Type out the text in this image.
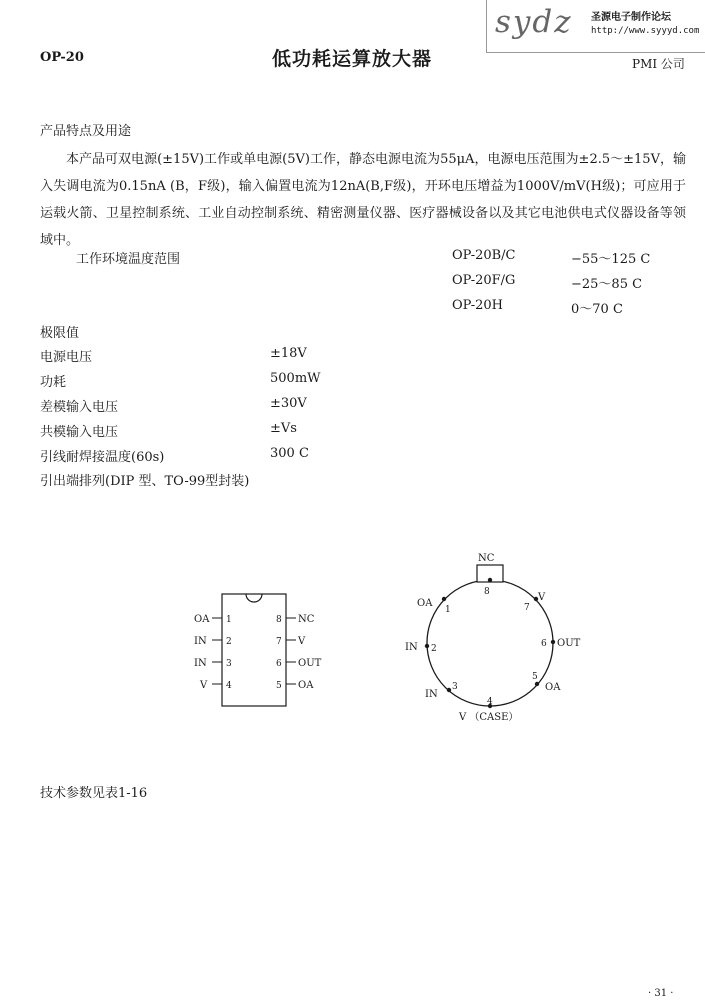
sydz 圣源电子制作论坛
http://www.syyyd.com
OP-20	低功耗运算放大器	PMI 公司
产品特点及用途
本产品可双电源(±15V)工作或单电源(5V)工作，静态电源电流为55μA，电源电压范围为±2.5～±15V，输入失调电流为0.15nA (B，F级)，输入偏置电流为12nA(B,F级)，开环电压增益为1000V/mV(H级)；可应用于运载火箭、卫星控制系统、工业自动控制系统、精密测量仪器、医疗器械设备以及其它电池供电式仪器设备等领域中。
工作环境温度范围	OP-20B/C	−55～125 C
OP-20F/G	−25～85 C
OP-20H	0～70 C
极限值
电源电压	±18V
功耗	500mW
差模输入电压	±30V
共模输入电压	±Vs
引线耐焊接温度(60s)	300 C
引出端排列(DIP 型、TO-99型封装)
OA 1
IN 2
IN 3
V 4
8 NC
7 V
6 OUT
5 OA
8
NC
1
OA	7
V
2
IN	6 OUT
3
IN
5
OA
4
V （CASE）
技术参数见表1-16
· 31 ·
